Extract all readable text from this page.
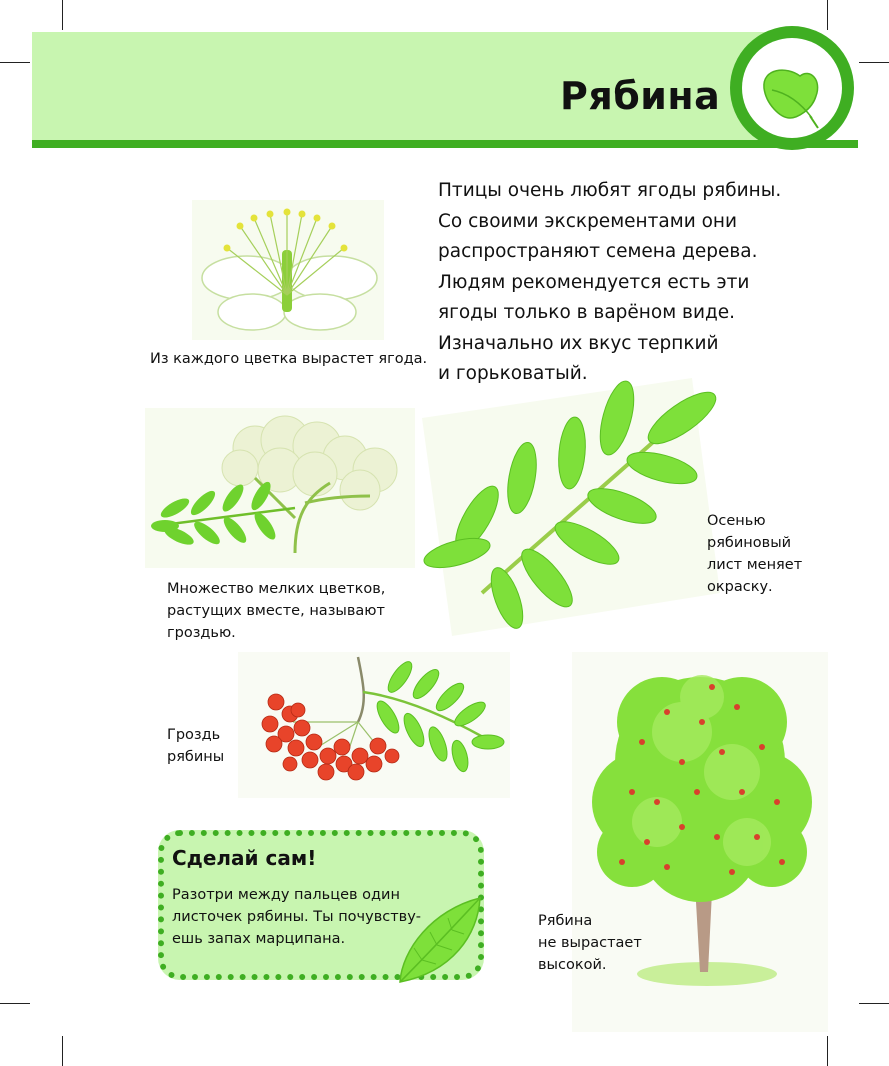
Рябина
Птицы очень любят ягоды рябины.
Со своими экскрементами они
распространяют семена дерева.
Людям рекомендуется есть эти
ягоды только в варёном виде.
Изначально их вкус терпкий
и горьковатый.
Из каждого цветка вырастет ягода.
Множество мелких цветков,
растущих вместе, называют
гроздью.
Осенью
рябиновый
лист меняет
окраску.
Гроздь
рябины
Рябина
не вырастает
высокой.
Сделай сам!
Разотри между пальцев один
листочек рябины. Ты почувству-
ешь запах марципана.
